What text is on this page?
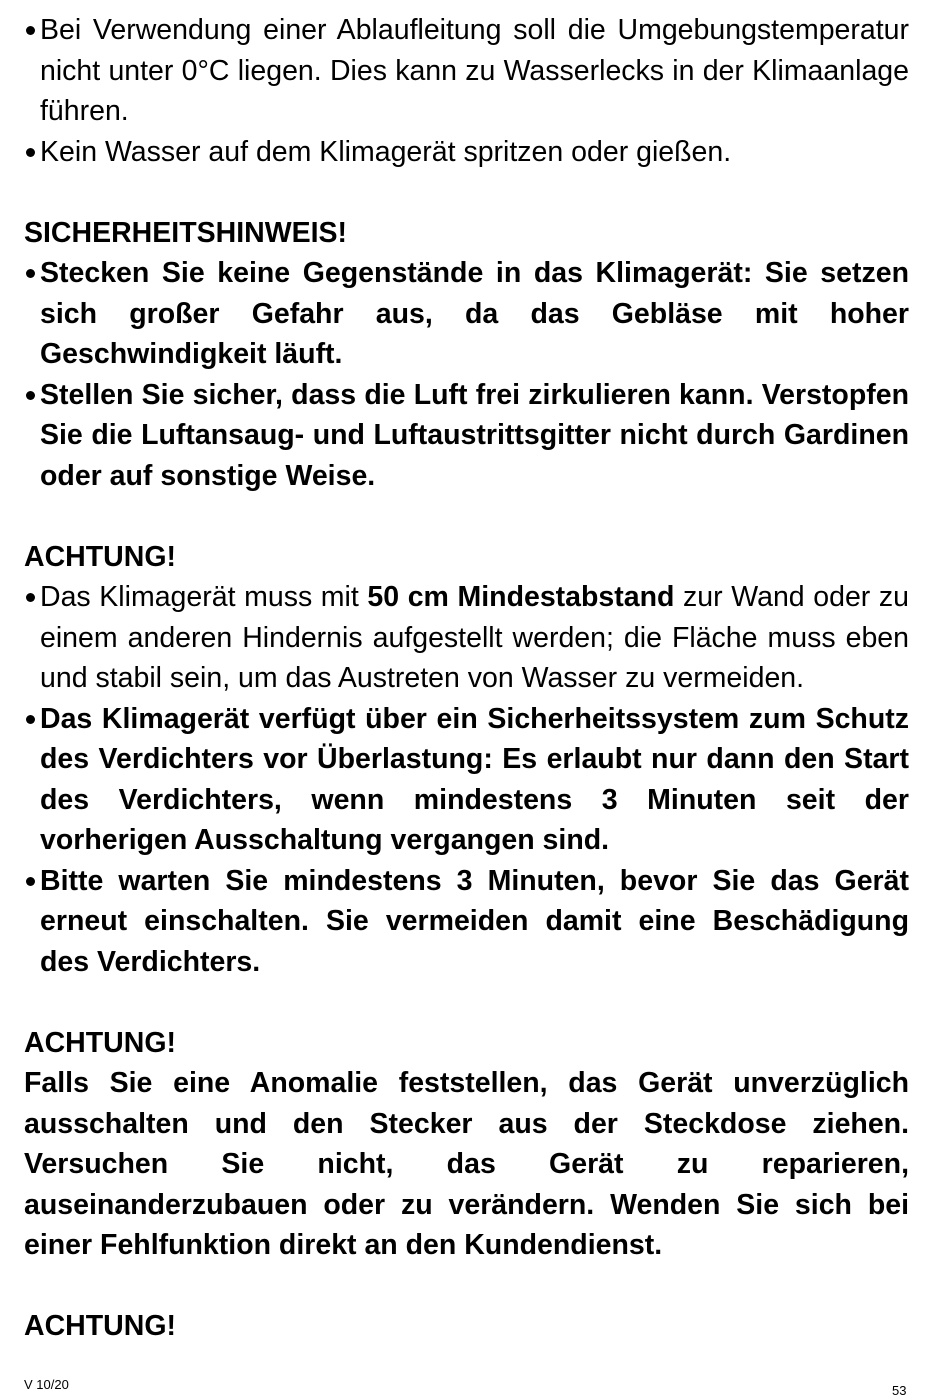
Bei Verwendung einer Ablaufleitung soll die Umgebungstemperatur nicht unter 0°C liegen. Dies kann zu Wasserlecks in der Klimaanlage führen.
Kein Wasser auf dem Klimagerät spritzen oder gießen.
SICHERHEITSHINWEIS!
Stecken Sie keine Gegenstände in das Klimagerät: Sie setzen sich großer Gefahr aus, da das Gebläse mit hoher Geschwindigkeit läuft.
Stellen Sie sicher, dass die Luft frei zirkulieren kann. Verstopfen Sie die Luftansaug- und Luftaustrittsgitter nicht durch Gardinen oder auf sonstige Weise.
ACHTUNG!
Das Klimagerät muss mit 50 cm Mindestabstand zur Wand oder zu einem anderen Hindernis aufgestellt werden; die Fläche muss eben und stabil sein, um das Austreten von Wasser zu vermeiden.
Das Klimagerät verfügt über ein Sicherheitssystem zum Schutz des Verdichters vor Überlastung: Es erlaubt nur dann den Start des Verdichters, wenn mindestens 3 Minuten seit der vorherigen Ausschaltung vergangen sind.
Bitte warten Sie mindestens 3 Minuten, bevor Sie das Gerät erneut einschalten. Sie vermeiden damit eine Beschädigung des Verdichters.
ACHTUNG!

Falls Sie eine Anomalie feststellen, das Gerät unverzüglich ausschalten und den Stecker aus der Steckdose ziehen. Versuchen Sie nicht, das Gerät zu reparieren, auseinanderzubauen oder zu verändern. Wenden Sie sich bei einer Fehlfunktion direkt an den Kundendienst.

ACHTUNG!
V 10/20	53
